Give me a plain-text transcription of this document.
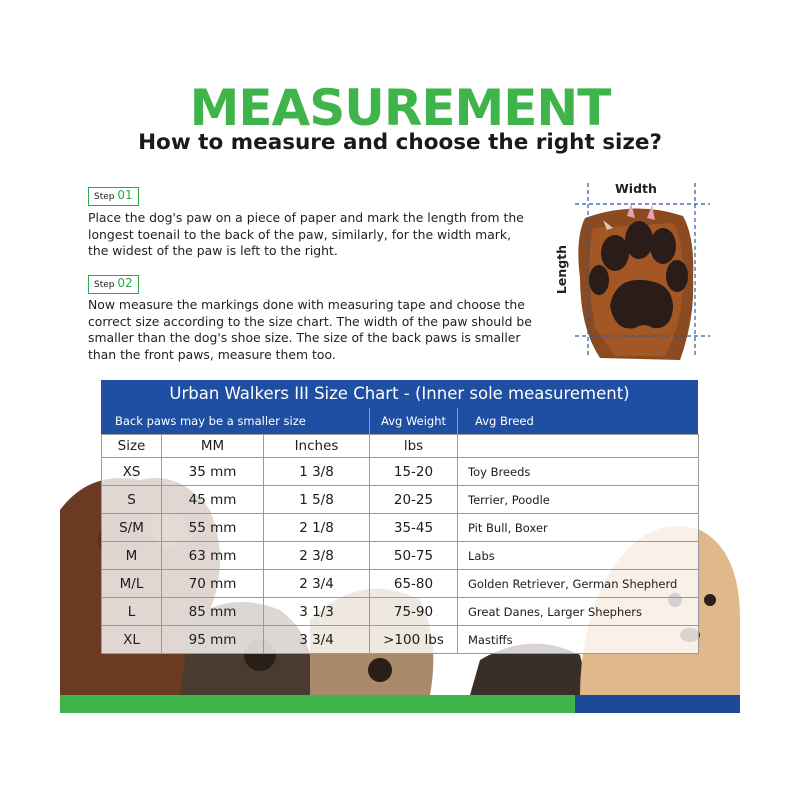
MEASUREMENT
How to measure and choose the right size?
Step 01
Place the dog's paw on a piece of paper and mark the length from the longest toenail to the back of the paw, similarly, for the width mark, the widest of the paw is left to the right.
Step 02
Now measure the markings done with measuring tape and choose the correct size according to the size chart. The width of the paw should be smaller than the dog's shoe size. The size of the back paws is smaller than the front paws, measure them too.
Width
Length
Urban Walkers III Size Chart - (Inner sole measurement)
Back paws may be a smaller size	Avg Weight	Avg Breed
Size	MM	Inches	lbs	
XS	35 mm	1 3/8	15-20	Toy Breeds
S	45 mm	1 5/8	20-25	Terrier, Poodle
S/M	55 mm	2 1/8	35-45	Pit Bull, Boxer
M	63 mm	2 3/8	50-75	Labs
M/L	70 mm	2 3/4	65-80	Golden Retriever, German Shepherd
L	85 mm	3 1/3	75-90	Great Danes, Larger Shephers
XL	95 mm	3 3/4	>100 lbs	Mastiffs
